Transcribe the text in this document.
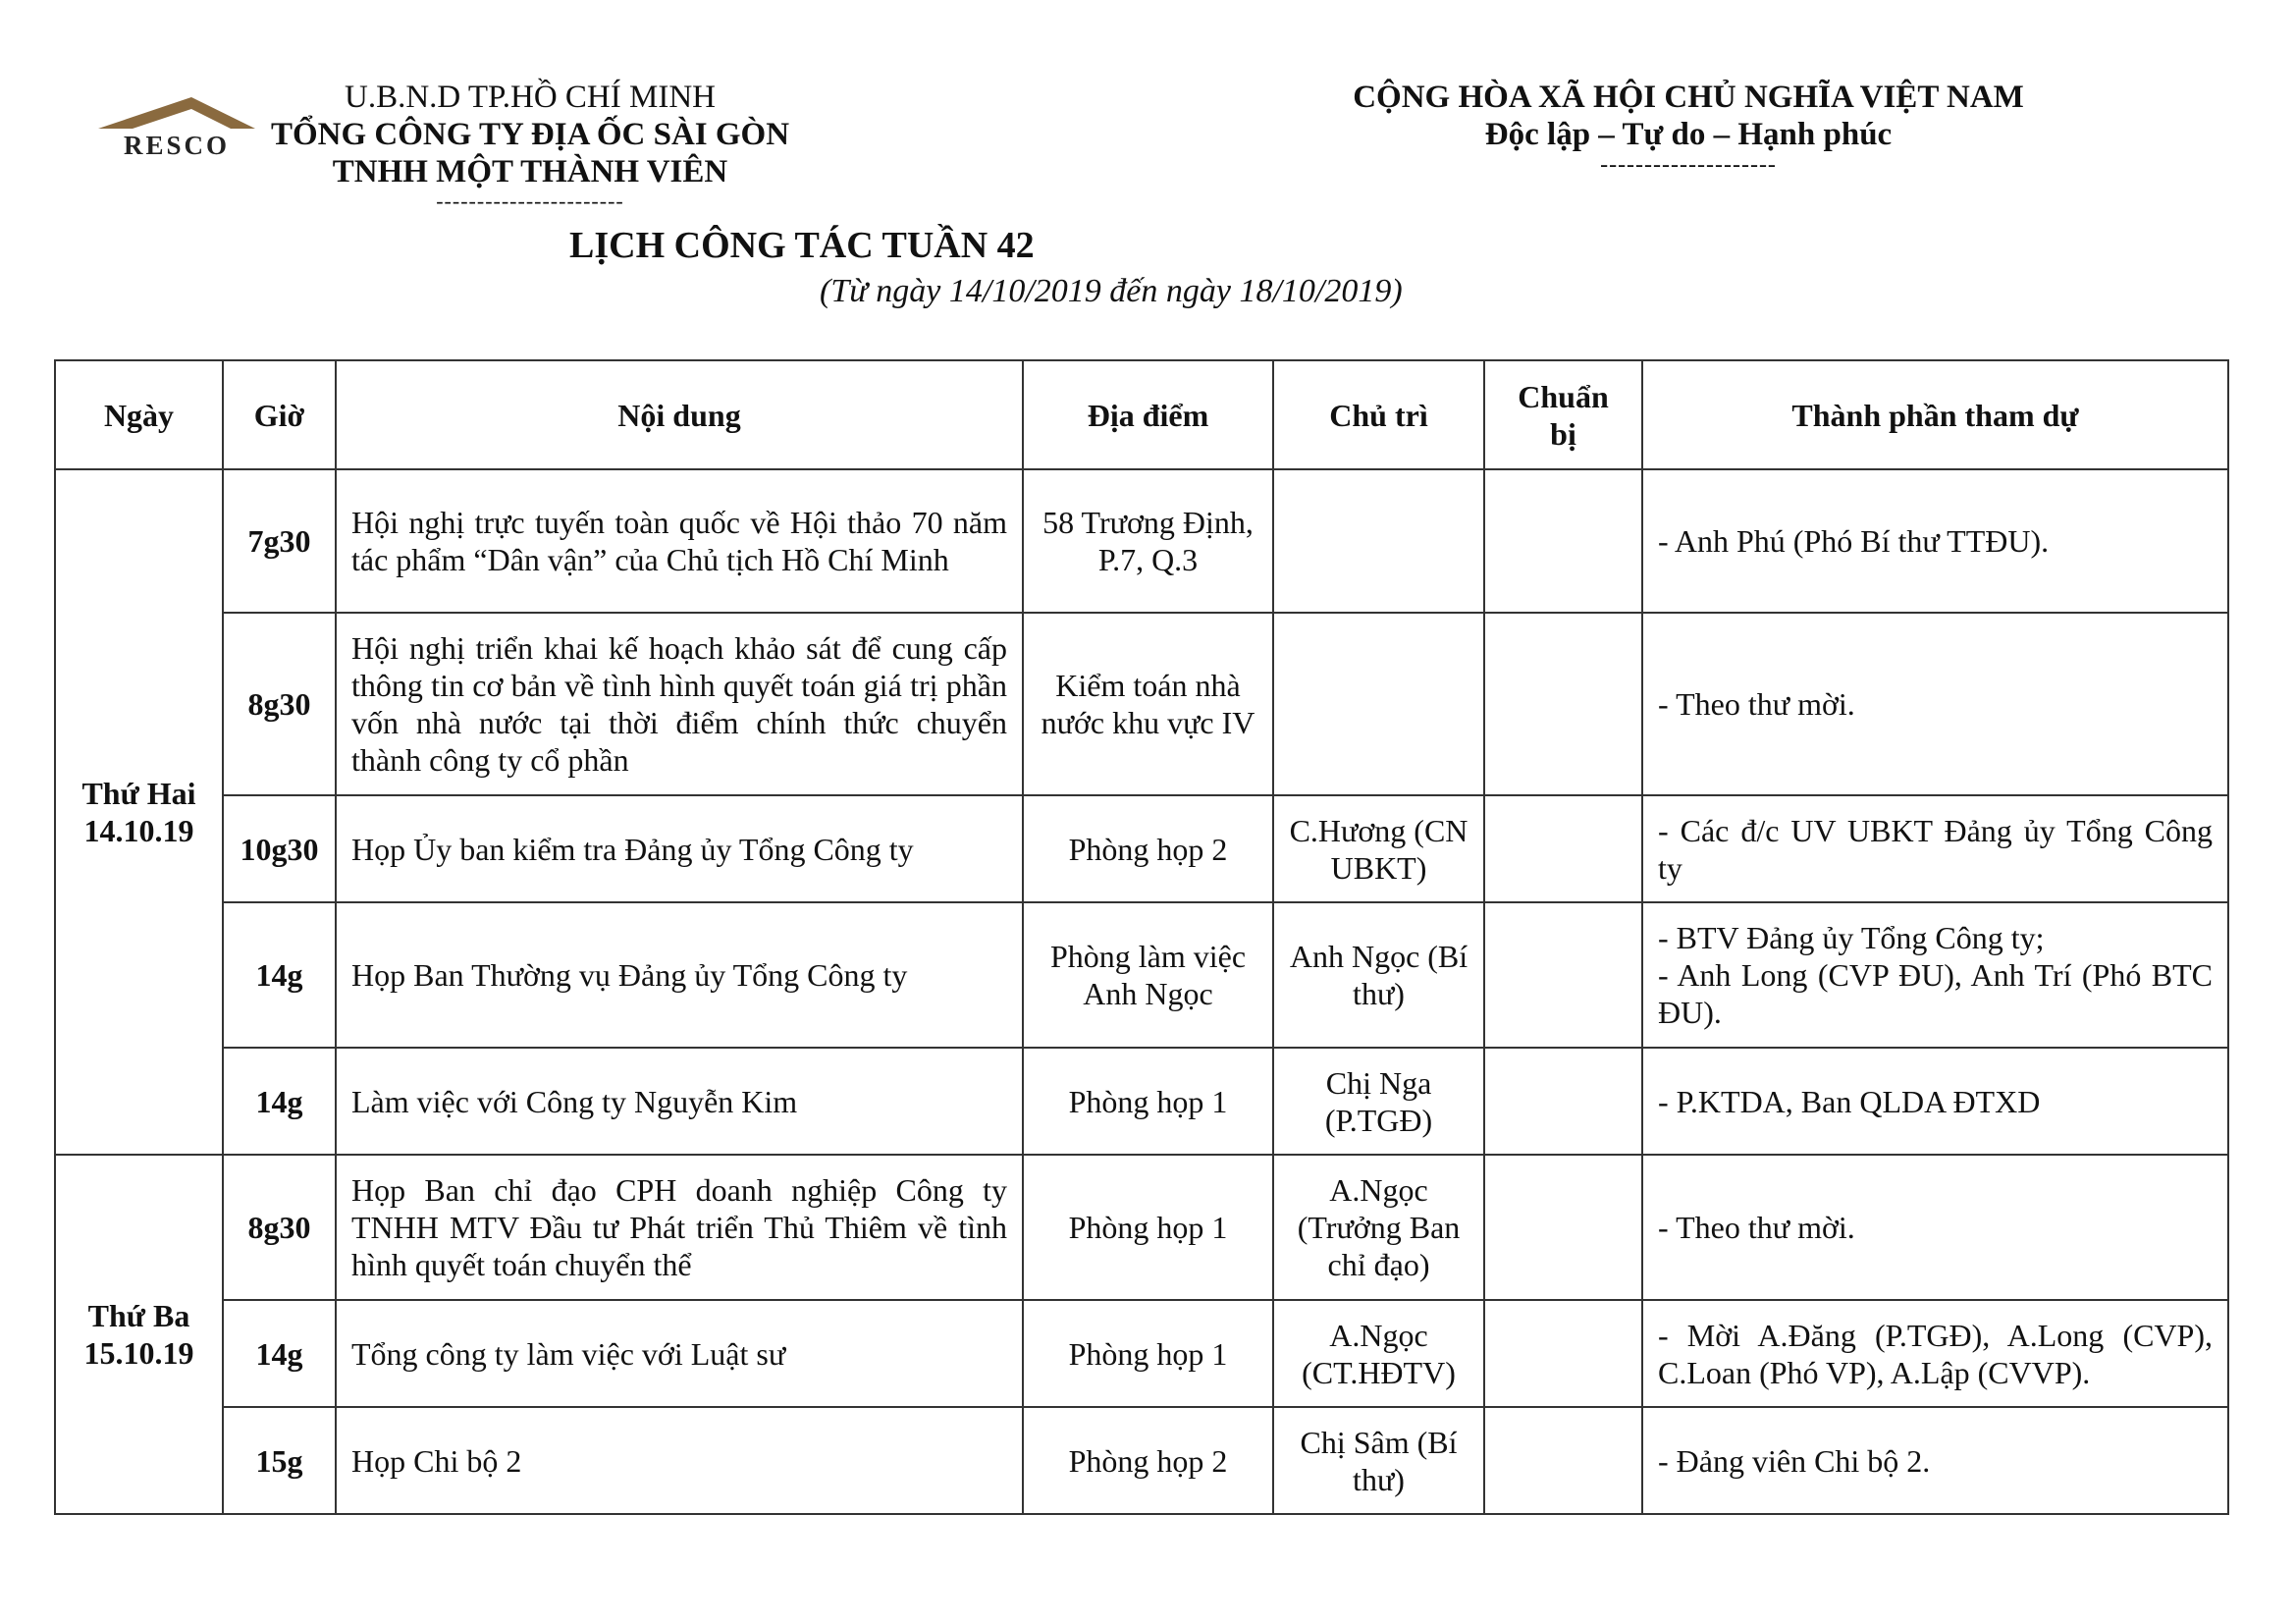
RESCO
U.B.N.D TP.HỒ CHÍ MINH
TỔNG CÔNG TY ĐỊA ỐC SÀI GÒN
TNHH MỘT THÀNH VIÊN
-----------------------
CỘNG HÒA XÃ HỘI CHỦ NGHĨA VIỆT NAM
Độc lập – Tự do – Hạnh phúc
--------------------
LỊCH CÔNG TÁC TUẦN 42
(Từ ngày 14/10/2019 đến ngày 18/10/2019)
Ngày	Giờ	Nội dung	Địa điểm	Chủ trì	Chuẩn bị	Thành phần tham dự

Thứ Hai
14.10.19	7g30	Hội nghị trực tuyến toàn quốc về Hội thảo 70 năm tác phẩm “Dân vận” của Chủ tịch Hồ Chí Minh	58 Trương Định, P.7, Q.3			- Anh Phú (Phó Bí thư TTĐU).
	8g30	Hội nghị triển khai kế hoạch khảo sát để cung cấp thông tin cơ bản về tình hình quyết toán giá trị phần vốn nhà nước tại thời điểm chính thức chuyển thành công ty cổ phần	Kiểm toán nhà nước khu vực IV			- Theo thư mời.
	10g30	Họp Ủy ban kiểm tra Đảng ủy Tổng Công ty	Phòng họp 2	C.Hương (CN UBKT)		- Các đ/c UV UBKT Đảng ủy Tổng Công ty
	14g	Họp Ban Thường vụ Đảng ủy Tổng Công ty	Phòng làm việc Anh Ngọc	Anh Ngọc (Bí thư)		- BTV Đảng ủy Tổng Công ty;
- Anh Long (CVP ĐU), Anh Trí (Phó BTC ĐU).

	14g	Làm việc với Công ty Nguyễn Kim	Phòng họp 1	Chị Nga (P.TGĐ)		- P.KTDA, Ban QLDA ĐTXD

Thứ Ba
15.10.19	8g30	Họp Ban chỉ đạo CPH doanh nghiệp Công ty TNHH MTV Đầu tư Phát triển Thủ Thiêm về tình hình quyết toán chuyển thể	Phòng họp 1	A.Ngọc (Trưởng Ban chỉ đạo)		- Theo thư mời.
	14g	Tổng công ty làm việc với Luật sư	Phòng họp 1	A.Ngọc (CT.HĐTV)		- Mời A.Đăng (P.TGĐ), A.Long (CVP), C.Loan (Phó VP), A.Lập (CVVP).
	15g	Họp Chi bộ 2	Phòng họp 2	Chị Sâm (Bí thư)		- Đảng viên Chi bộ 2.
